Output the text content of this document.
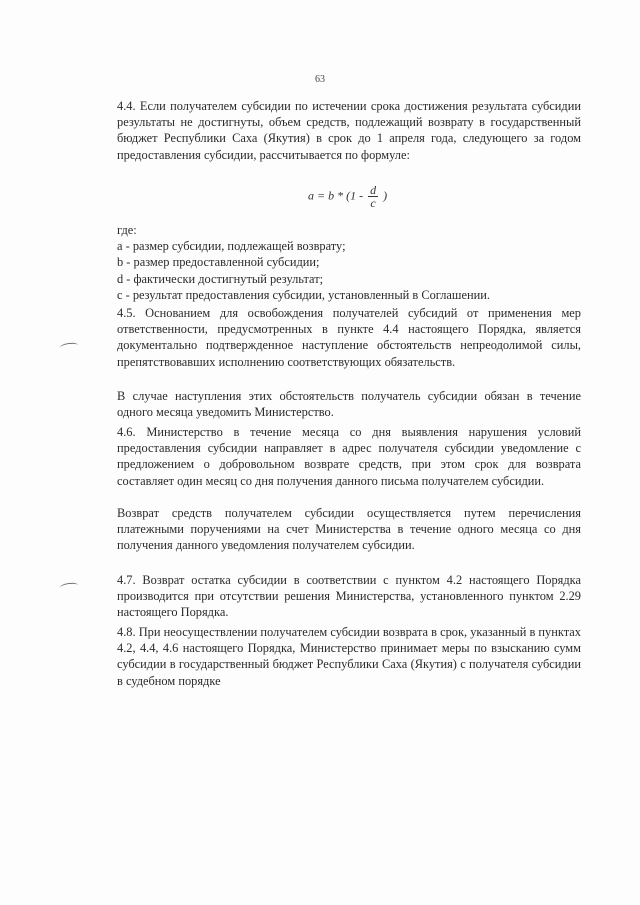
63

4.4. Если получателем субсидии по истечении срока достижения результата субсидии результаты не достигнуты, объем средств, подлежащий возврату в государственный бюджет Республики Саха (Якутия) в срок до 1 апреля года, следующего за годом предоставления субсидии, рассчитывается по формуле:

$a = b * (1 - \frac{d}{c}$ )

где:

a - размер субсидии, подлежащей возврату;
b - размер предоставленной субсидии;
d - фактически достигнутый результат;
c - результат предоставления субсидии, установленный в Соглашении.

4.5. Основанием для освобождения получателей субсидий от применения мер ответственности, предусмотренных в пункте 4.4 настоящего Порядка, является документально подтвержденное наступление обстоятельств непреодолимой силы, препятствовавших исполнению соответствующих обязательств.

В случае наступления этих обстоятельств получатель субсидии обязан в течение одного месяца уведомить Министерство.

4.6. Министерство в течение месяца со дня выявления нарушения условий предоставления субсидии направляет в адрес получателя субсидии уведомление с предложением о добровольном возврате средств, при этом срок для возврата составляет один месяц со дня получения данного письма получателем субсидии.

Возврат средств получателем субсидии осуществляется путем перечисления платежными поручениями на счет Министерства в течение одного месяца со дня получения данного уведомления получателем субсидии.

4.7. Возврат остатка субсидии в соответствии с пунктом 4.2 настоящего Порядка производится при отсутствии решения Министерства, установленного пунктом 2.29 настоящего Порядка.

4.8. При неосуществлении получателем субсидии возврата в срок, указанный в пунктах 4.2, 4.4, 4.6 настоящего Порядка, Министерство принимает меры по взысканию сумм субсидии в государственный бюджет Республики Саха (Якутия) с получателя субсидии в судебном порядке
